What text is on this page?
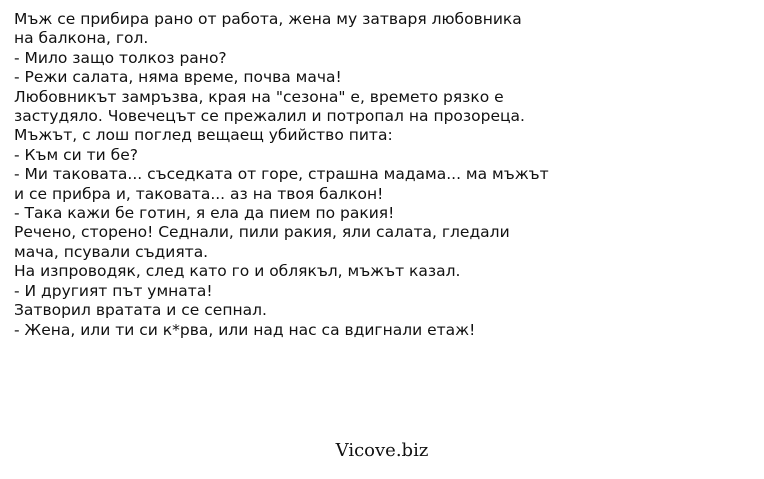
Мъж се прибира рано от работа, жена му затваря любовника
на балкона, гол.
- Мило защо толкоз рано?
- Режи салата, няма време, почва мача!
Любовникът замръзва, края на "сезона" е, времето рязко е
застудяло. Човечецът се прежалил и потропал на прозореца.
Мъжът, с лош поглед вещаещ убийство пита:
- Към си ти бе?
- Ми таковата... съседката от горе, страшна мадама... ма мъжът
и се прибра и, таковата... аз на твоя балкон!
- Така кажи бе готин, я ела да пием по ракия!
Речено, сторено! Седнали, пили ракия, яли салата, гледали
мача, псували съдията.
На изпроводяк, след като го и облякъл, мъжът казал.
- И другият път умната!
Затворил вратата и се сепнал.
- Жена, или ти си к*рва, или над нас са вдигнали етаж!
Vicove.biz
